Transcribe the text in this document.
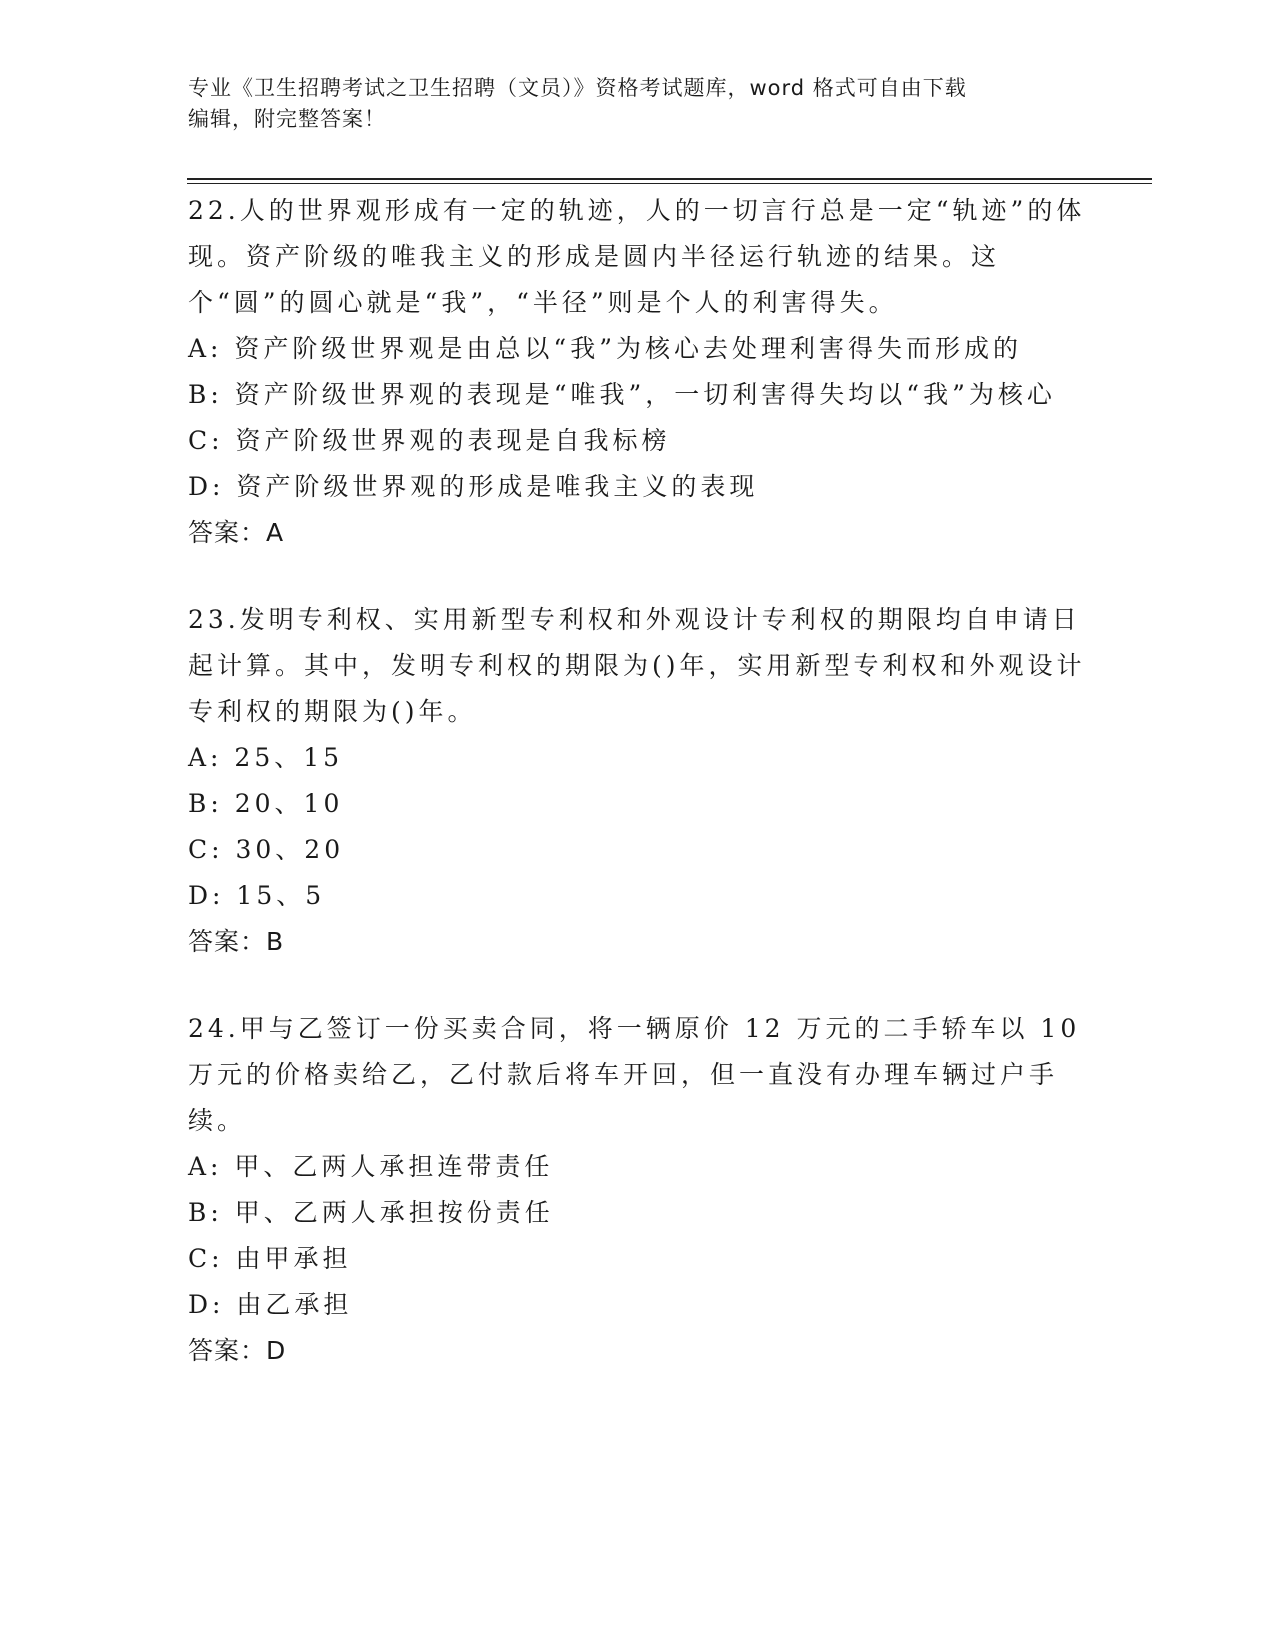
专业《卫生招聘考试之卫生招聘（文员）》资格考试题库，word 格式可自由下载
编辑，附完整答案！

22.人的世界观形成有一定的轨迹，人的一切言行总是一定“轨迹”的体现。资产阶级的唯我主义的形成是圆内半径运行轨迹的结果。这个“圆”的圆心就是“我”，“半径”则是个人的利害得失。

A: 资产阶级世界观是由总以“我”为核心去处理利害得失而形成的

B: 资产阶级世界观的表现是“唯我”，一切利害得失均以“我”为核心

C: 资产阶级世界观的表现是自我标榜

D: 资产阶级世界观的形成是唯我主义的表现

答案：A

23.发明专利权、实用新型专利权和外观设计专利权的期限均自申请日起计算。其中，发明专利权的期限为()年，实用新型专利权和外观设计专利权的期限为()年。

A: 25、15

B: 20、10

C: 30、20

D: 15、5

答案：B

24.甲与乙签订一份买卖合同，将一辆原价 12 万元的二手轿车以 10 万元的价格卖给乙，乙付款后将车开回，但一直没有办理车辆过户手续。

A: 甲、乙两人承担连带责任

B: 甲、乙两人承担按份责任

C: 由甲承担

D: 由乙承担

答案：D
